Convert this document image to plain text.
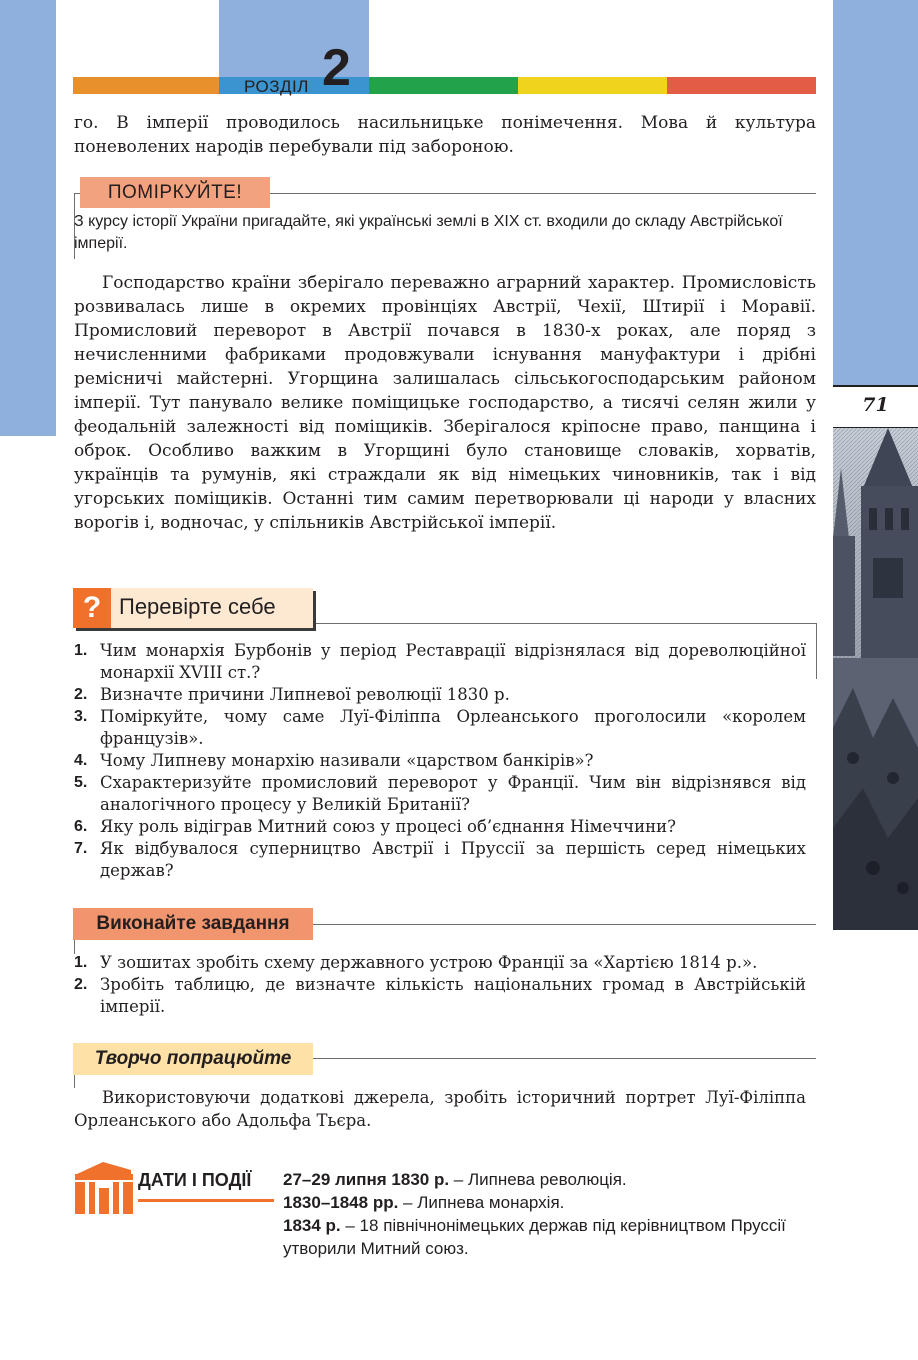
71
РОЗДІЛ 2

го. В імперії проводилось насильницьке понімечення. Мова й культура поневолених народів перебували під забороною.

ПОМІРКУЙТЕ!
З курсу історії України пригадайте, які українські землі в XIX ст. входили до складу Австрійської імперії.

Господарство країни зберігало переважно аграрний характер. Промисловість розвивалась лише в окремих провінціях Австрії, Чехії, Штирії і Моравії. Промисловий переворот в Австрії почався в 1830-х роках, але поряд з нечисленними фабриками продовжували існування мануфактури і дрібні ремісничі майстерні. Угорщина залишалась сільськогосподарським районом імперії. Тут панувало велике поміщицьке господарство, а тисячі селян жили у феодальній залежності від поміщиків. Зберігалося кріпосне право, панщина і оброк. Особливо важким в Угорщині було становище словаків, хорватів, українців та румунів, які страждали як від німецьких чиновників, так і від угорських поміщиків. Останні тим самим перетворювали ці народи у власних ворогів і, водночас, у спільників Австрійської імперії.

? Перевірте себе
1. Чим монархія Бурбонів у період Реставрації відрізнялася від дореволюційної монархії XVIII ст.?
2. Визначте причини Липневої революції 1830 р.
3. Поміркуйте, чому саме Луї-Філіппа Орлеанського проголосили «королем французів».
4. Чому Липневу монархію називали «царством банкірів»?
5. Схарактеризуйте промисловий переворот у Франції. Чим він відрізнявся від аналогічного процесу у Великій Британії?
6. Яку роль відіграв Митний союз у процесі об’єднання Німеччини?
7. Як відбувалося суперництво Австрії і Пруссії за першість серед німецьких держав?
Виконайте завдання
1. У зошитах зробіть схему державного устрою Франції за «Хартією 1814 р.».
2. Зробіть таблицю, де визначте кількість національних громад в Австрійській імперії.
Творчо попрацюйте

Використовуючи додаткові джерела, зробіть історичний портрет Луї-Філіппа Орлеанського або Адольфа Тьєра.

ДАТИ І ПОДІЇ 27–29 липня 1830 р. – Липнева революція.
1830–1848 рр. – Липнева монархія.
1834 р. – 18 північнонімецьких держав під керівництвом Пруссії утворили Митний союз.
